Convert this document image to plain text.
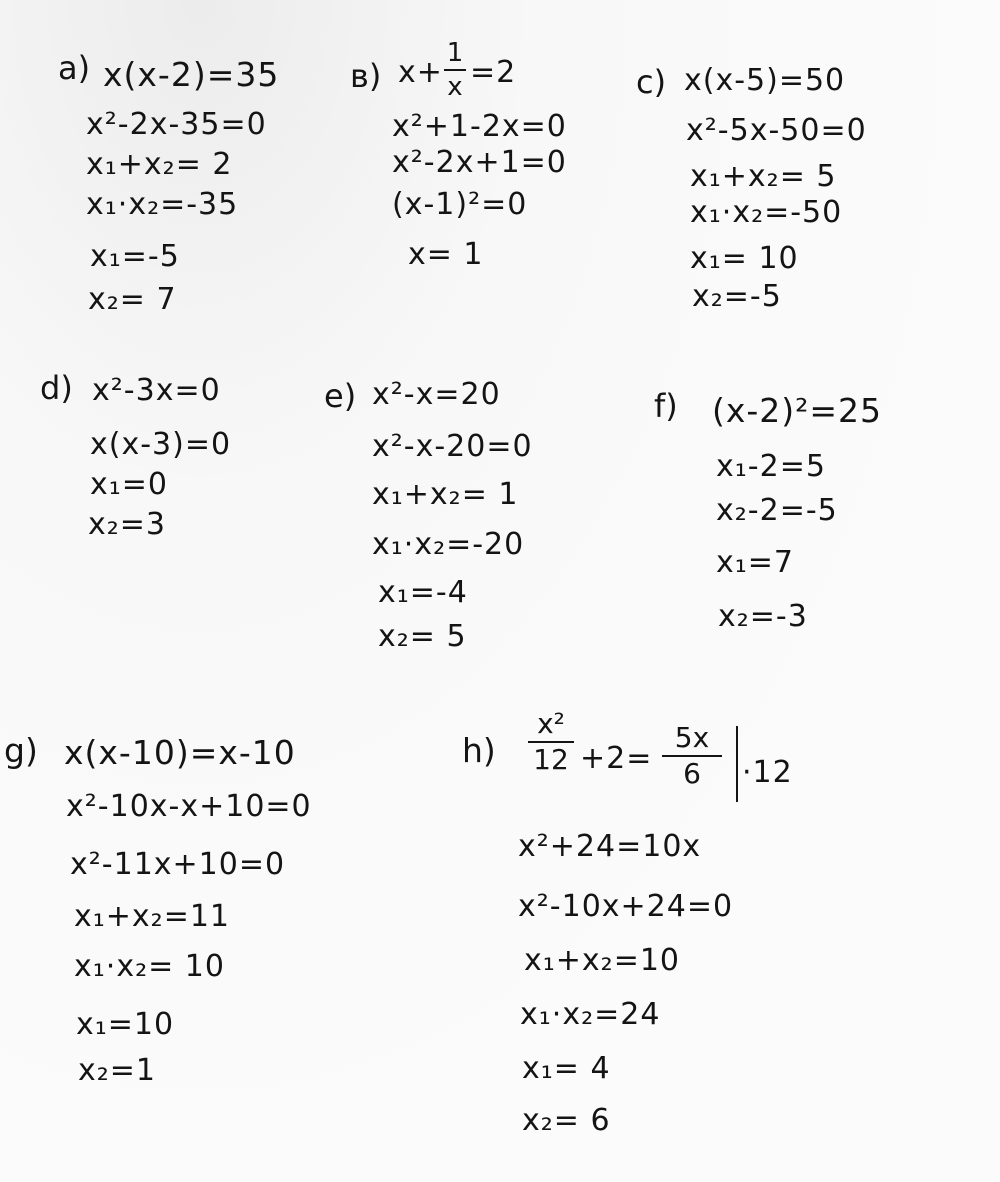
a) x(x-2)=35
x²-2x-35=0
x₁+x₂= 2
x₁·x₂=-35
x₁=-5
x₂= 7
в) x+
1
x =2
x²+1-2x=0
x²-2x+1=0
(x-1)²=0
x= 1
c) x(x-5)=50
x²-5x-50=0
x₁+x₂= 5
x₁·x₂=-50
x₁= 10
x₂=-5
d) x²-3x=0
x(x-3)=0
x₁=0
x₂=3
e) x²-x=20
x²-x-20=0
x₁+x₂= 1
x₁·x₂=-20
x₁=-4
x₂= 5
f) (x-2)²=25
x₁-2=5
x₂-2=-5
x₁=7
x₂=-3
g) x(x-10)=x-10
x²-10x-x+10=0
x²-11x+10=0
x₁+x₂=11
x₁·x₂= 10
x₁=10
x₂=1
h)
x²
12 +2=
5x
6	·12
x²+24=10x
x²-10x+24=0
x₁+x₂=10
x₁·x₂=24
x₁= 4
x₂= 6
